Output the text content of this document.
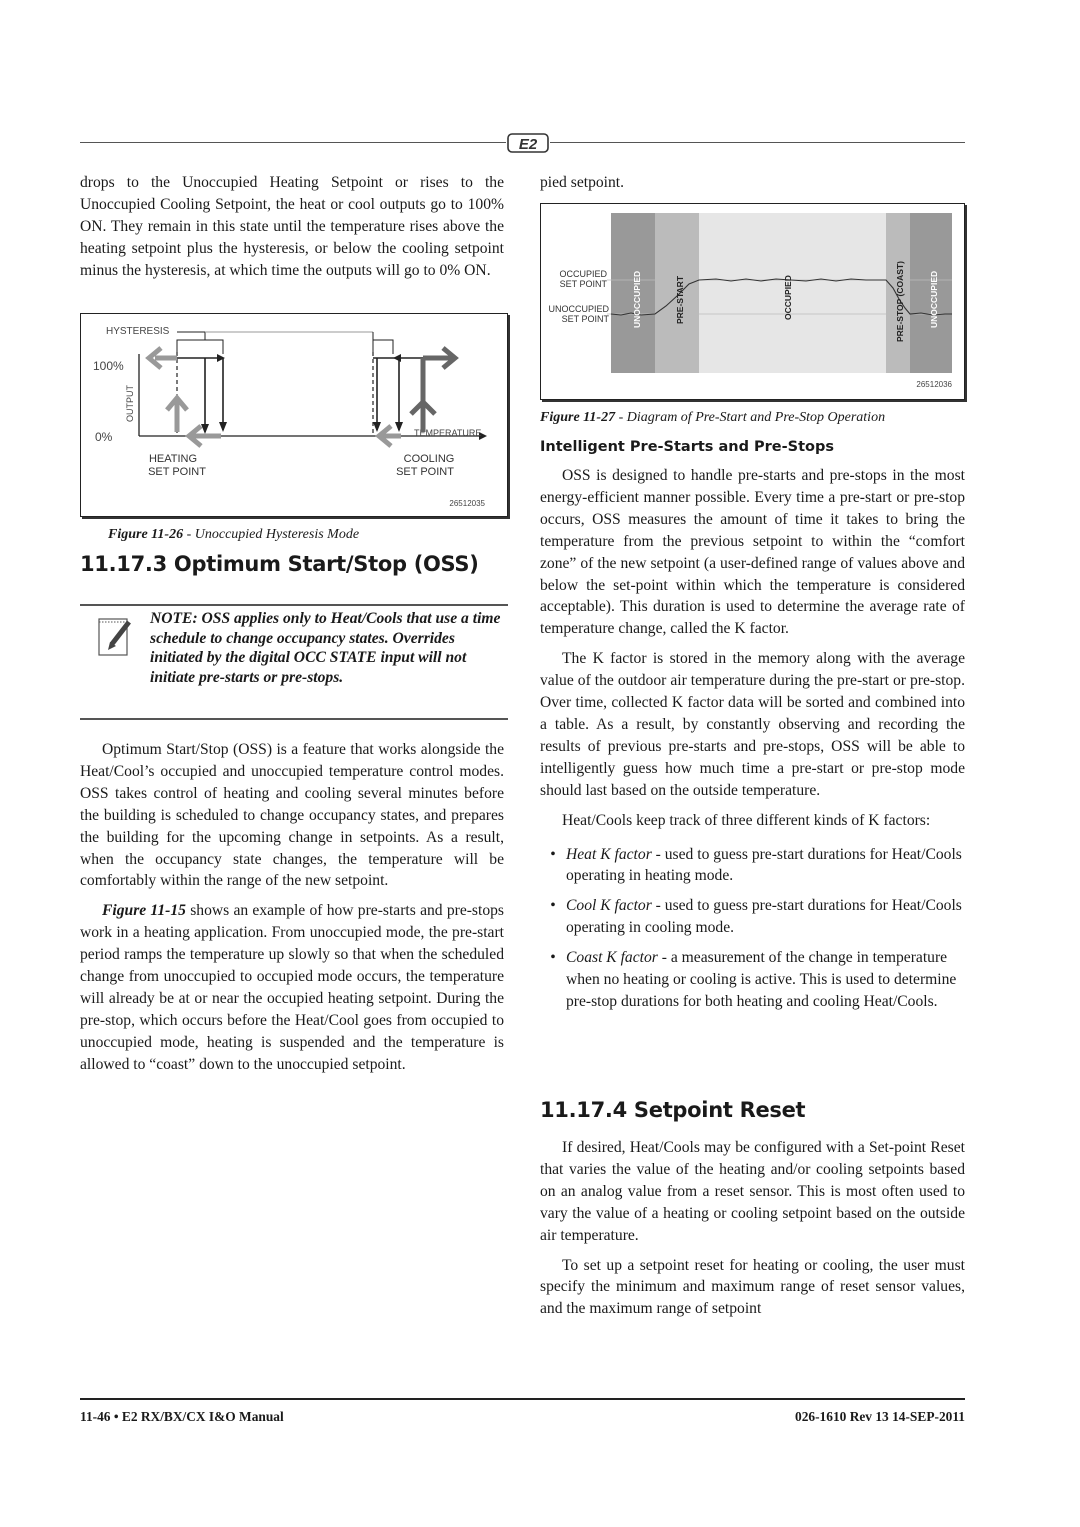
E2

drops to the Unoccupied Heating Setpoint or rises to the Unoccupied Cooling Setpoint, the heat or cool outputs go to 100% ON. They remain in this state until the temperature rises above the heating setpoint plus the hysteresis, or below the cooling setpoint minus the hysteresis, at which time the outputs will go to 0% ON.

HYSTERESIS
100%
0%
OUTPUT
TEMPERATURE
HEATING
SET POINT
COOLING
SET POINT
26512035
Figure 11-26 - Unoccupied Hysteresis Mode
11.17.3 Optimum Start/Stop (OSS)
NOTE: OSS applies only to Heat/Cools that use a time schedule to change occupancy states. Overrides initiated by the digital OCC STATE input will not initiate pre-starts or pre-stops.

Optimum Start/Stop (OSS) is a feature that works alongside the Heat/Cool’s occupied and unoccupied temperature control modes. OSS takes control of heating and cooling several minutes before the building is scheduled to change occupancy states, and prepares the building for the upcoming change in setpoints. As a result, when the occupancy state changes, the temperature will be comfortably within the range of the new setpoint.

Figure 11-15 shows an example of how pre-starts and pre-stops work in a heating application. From unoccupied mode, the pre-start period ramps the temperature up slowly so that when the scheduled change from unoccupied to occupied mode occurs, the temperature will already be at or near the occupied heating setpoint. During the pre-stop, which occurs before the Heat/Cool goes from occupied to unoccupied mode, heating is suspended and the temperature is allowed to “coast” down to the unoccupied setpoint.

pied setpoint.

OCCUPIED
SET POINT
UNOCCUPIED
SET POINT	UNOCCUPIED	PRE-START	OCCUPIED	PRE-STOP (COAST)	UNOCCUPIED
26512036
Figure 11-27 - Diagram of Pre-Start and Pre-Stop Operation
Intelligent Pre-Starts and Pre-Stops

OSS is designed to handle pre-starts and pre-stops in the most energy-efficient manner possible. Every time a pre-start or pre-stop occurs, OSS measures the amount of time it takes to bring the temperature from the previous setpoint to within the “comfort zone” of the new setpoint (a user-defined range of values above and below the set-point within which the temperature is considered acceptable). This duration is used to determine the average rate of temperature change, called the K factor.

The K factor is stored in the memory along with the average value of the outdoor air temperature during the pre-start or pre-stop. Over time, collected K factor data will be sorted and combined into a table. As a result, by constantly observing and recording the results of previous pre-starts and pre-stops, OSS will be able to intelligently guess how much time a pre-start or pre-stop mode should last based on the outside temperature.

Heat/Cools keep track of three different kinds of K factors:

• Heat K factor - used to guess pre-start durations for Heat/Cools operating in heating mode.
• Cool K factor - used to guess pre-start durations for Heat/Cools operating in cooling mode.
• Coast K factor - a measurement of the change in temperature when no heating or cooling is active. This is used to determine pre-stop durations for both heating and cooling Heat/Cools.
11.17.4 Setpoint Reset

If desired, Heat/Cools may be configured with a Set-point Reset that varies the value of the heating and/or cooling setpoints based on an analog value from a reset sensor. This is most often used to vary the value of a heating or cooling setpoint based on the outside air temperature.

To set up a setpoint reset for heating or cooling, the user must specify the minimum and maximum range of reset sensor values, and the maximum range of setpoint

11-46 • E2 RX/BX/CX I&O Manual	026-1610 Rev 13 14-SEP-2011
